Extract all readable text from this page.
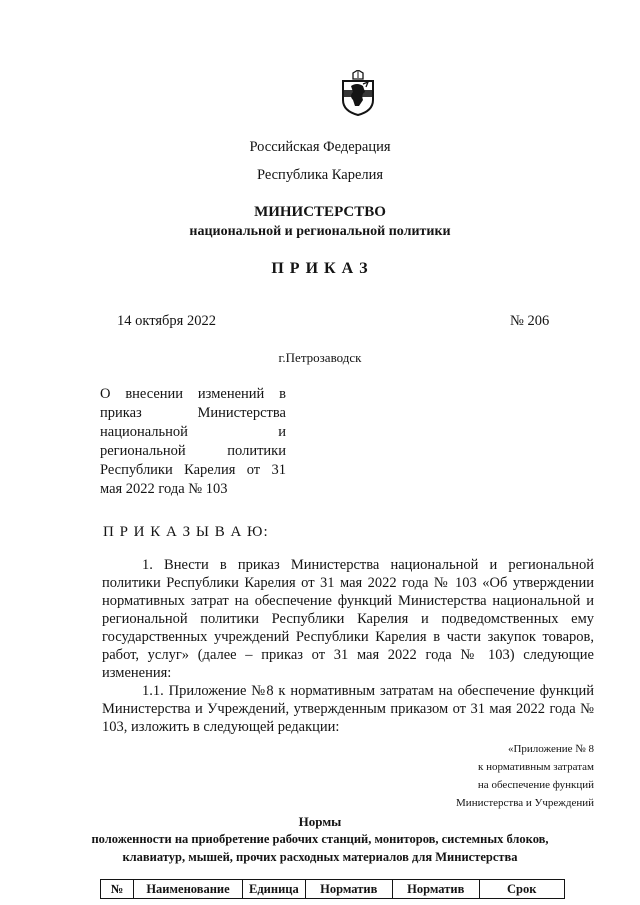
Российская Федерация
Республика Карелия
МИНИСТЕРСТВО
национальной и региональной политики
П Р И К А З
14 октября 2022	№ 206
г.Петрозаводск
О внесении изменений в приказ Министерства национальной и региональной политики Республики Карелия от 31 мая 2022 года № 103
П Р И К А З Ы В А Ю:

1. Внести в приказ Министерства национальной и региональной политики Республики Карелия от 31 мая 2022 года № 103 «Об утверждении нормативных затрат на обеспечение функций Министерства национальной и региональной политики Республики Карелия и подведомственных ему государственных учреждений Республики Карелия в части закупок товаров, работ, услуг» (далее – приказ от 31 мая 2022 года № 103) следующие изменения:

1.1. Приложение №8 к нормативным затратам на обеспечение функций Министерства и Учреждений, утвержденным приказом от 31 мая 2022 года № 103, изложить в следующей редакции:

«Приложение № 8
к нормативным затратам
на обеспечение функций
Министерства и Учреждений
Нормы
положенности на приобретение рабочих станций, мониторов, системных блоков,
клавиатур, мышей, прочих расходных материалов для Министерства
№	Наименование	Единица	Норматив	Норматив	Срок
